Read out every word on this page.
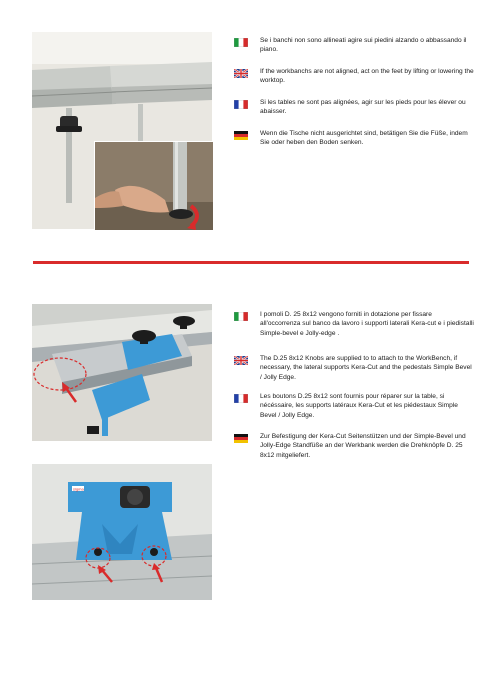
Se i banchi non sono allineati agire sui piedini alzando o abbassando il piano.
If the workbanchs are not aligned, act on the feet by lifting or lowering the worktop.
Si les tables ne sont pas alignées, agir sur les pieds pour les élever ou abaisser.
Wenn die Tische nicht ausgerichtet sind, betätigen Sie die Füße, indem Sie oder heben den Boden senken.
sigma
I pomoli D. 25 8x12 vengono forniti in dotazione per fissare all'occorrenza sul banco da lavoro i supporti laterali Kera-cut e i piedistalli Simple-bevel e Jolly-edge .
The D.25 8x12 Knobs are supplied to to attach to the WorkBench, if necessary, the lateral supports Kera-Cut and the pedestals Simple Bevel / Jolly Edge.
Les boutons D.25 8x12 sont fournis pour réparer sur la table, si nécéssaire, les supports latéraux Kera-Cut et les piédestaux Simple Bevel / Jolly Edge.
Zur Befestigung der Kera-Cut Seitenstützen und der Simple-Bevel und Jolly-Edge Standfüße an der Werkbank werden die Drehknöpfe D. 25 8x12 mitgeliefert.
